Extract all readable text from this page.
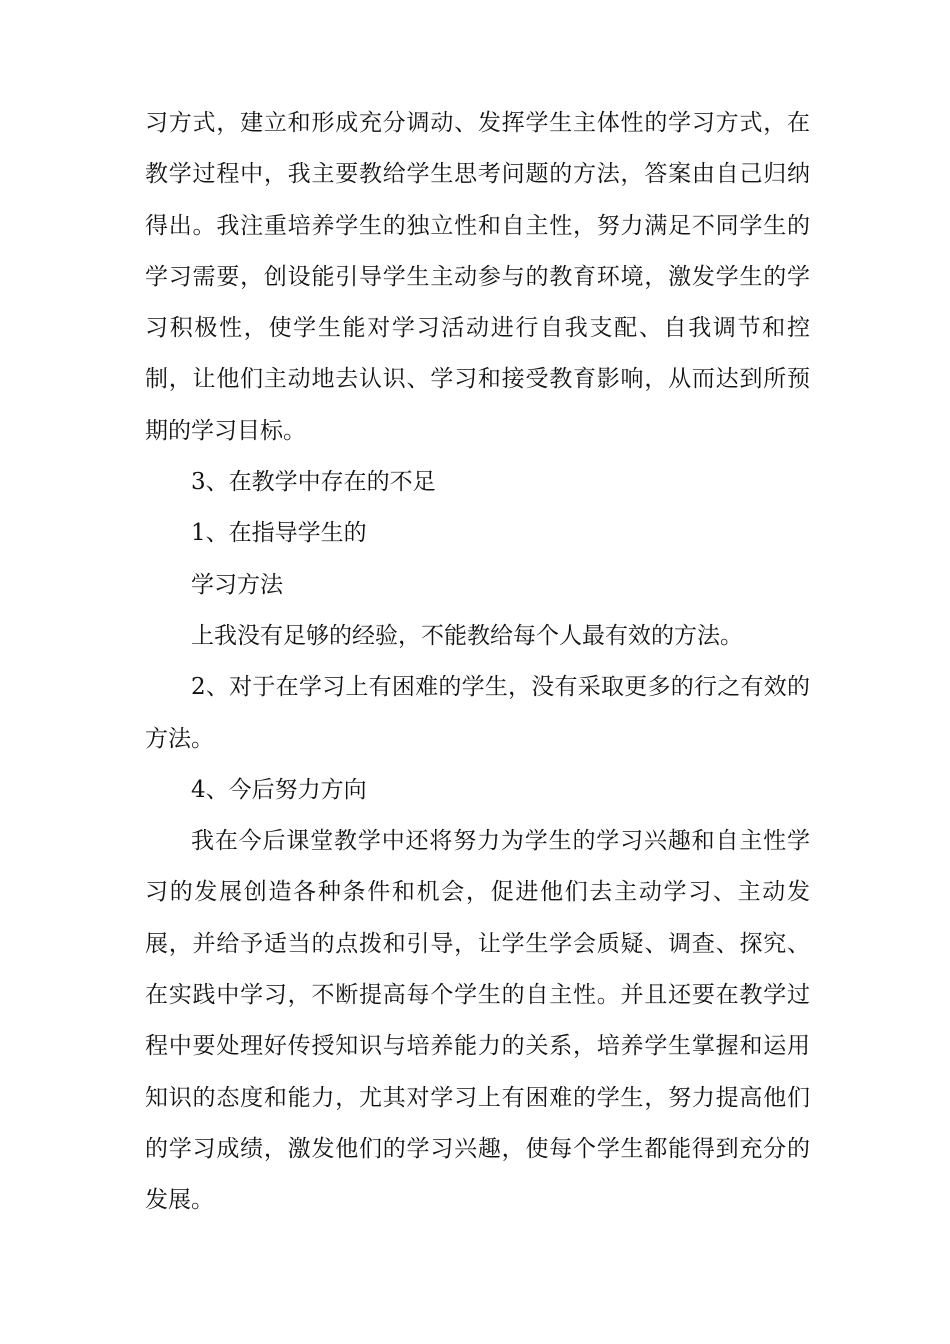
习方式，建立和形成充分调动、发挥学生主体性的学习方式，在教学过程中，我主要教给学生思考问题的方法，答案由自己归纳得出。我注重培养学生的独立性和自主性，努力满足不同学生的学习需要，创设能引导学生主动参与的教育环境，激发学生的学习积极性，使学生能对学习活动进行自我支配、自我调节和控制，让他们主动地去认识、学习和接受教育影响，从而达到所预期的学习目标。

3、在教学中存在的不足

1、在指导学生的

学习方法

上我没有足够的经验，不能教给每个人最有效的方法。

2、对于在学习上有困难的学生，没有采取更多的行之有效的方法。

4、今后努力方向

我在今后课堂教学中还将努力为学生的学习兴趣和自主性学习的发展创造各种条件和机会，促进他们去主动学习、主动发展，并给予适当的点拨和引导，让学生学会质疑、调查、探究、在实践中学习，不断提高每个学生的自主性。并且还要在教学过程中要处理好传授知识与培养能力的关系，培养学生掌握和运用知识的态度和能力，尤其对学习上有困难的学生，努力提高他们的学习成绩，激发他们的学习兴趣，使每个学生都能得到充分的发展。
